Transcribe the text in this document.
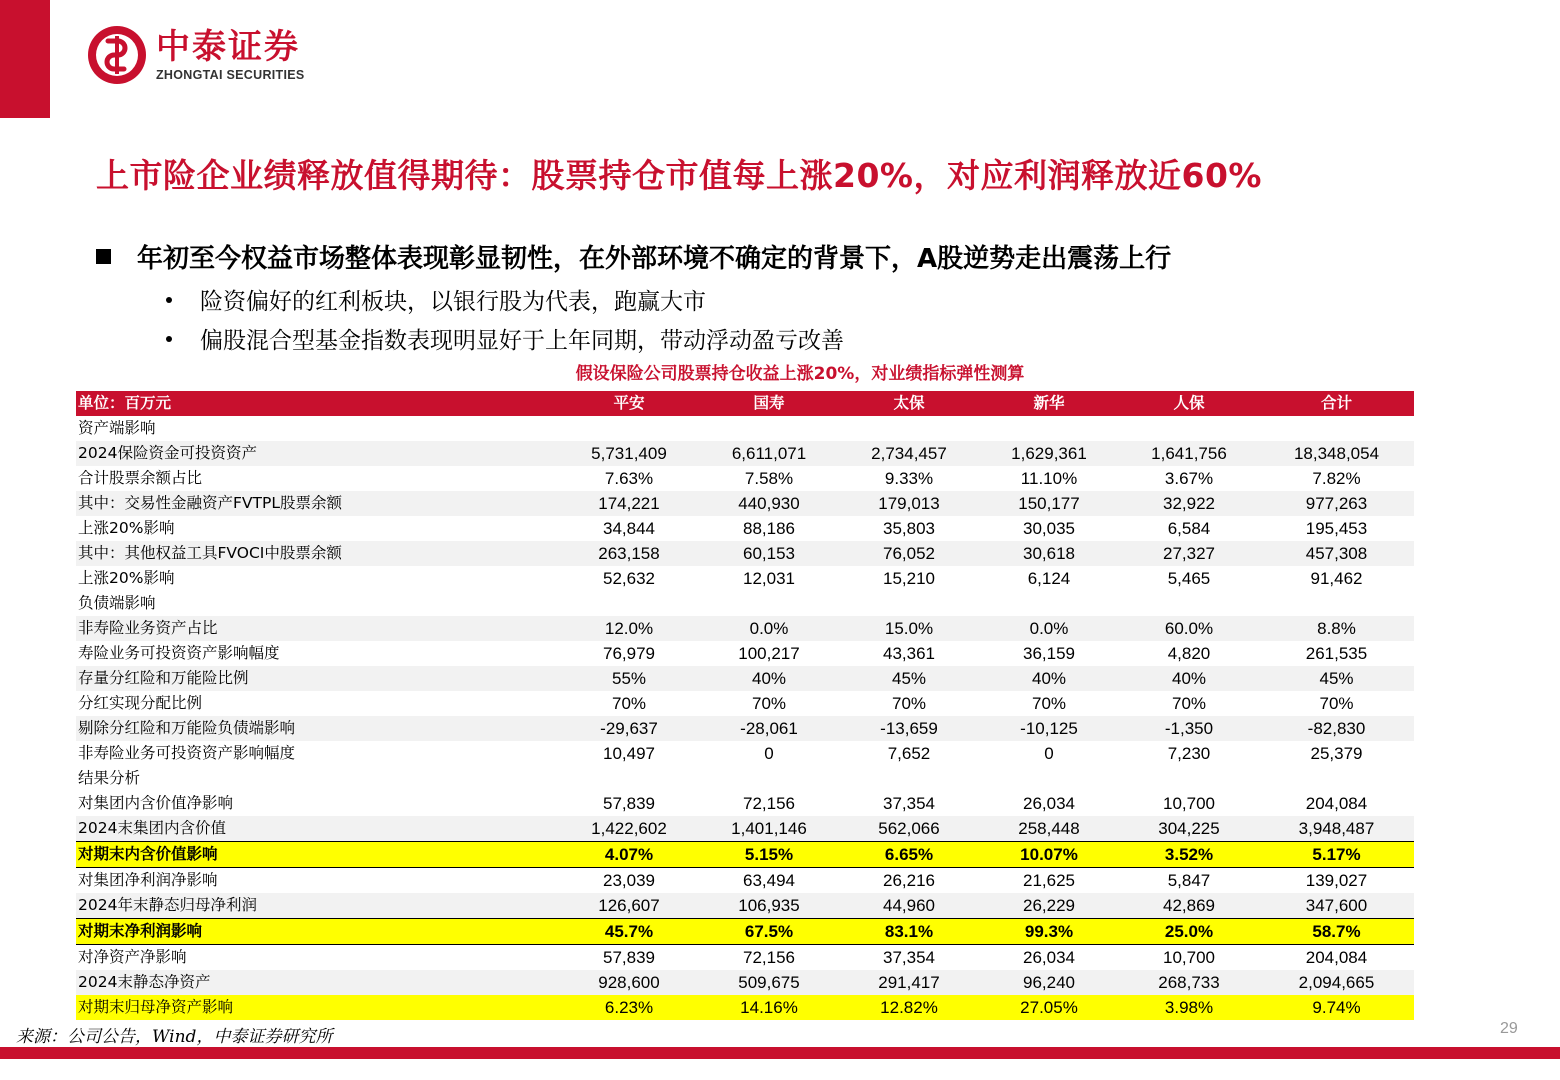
中泰证券
ZHONGTAI SECURITIES
上市险企业绩释放值得期待：股票持仓市值每上涨20%，对应利润释放近60%
年初至今权益市场整体表现彰显韧性，在外部环境不确定的背景下，A股逆势走出震荡上行
险资偏好的红利板块，以银行股为代表，跑赢大市
偏股混合型基金指数表现明显好于上年同期，带动浮动盈亏改善
假设保险公司股票持仓收益上涨20%，对业绩指标弹性测算
单位：百万元	平安	国寿	太保	新华	人保	合计
资产端影响						
2024保险资金可投资资产	5,731,409	6,611,071	2,734,457	1,629,361	1,641,756	18,348,054
合计股票余额占比	7.63%	7.58%	9.33%	11.10%	3.67%	7.82%
其中：交易性金融资产FVTPL股票余额	174,221	440,930	179,013	150,177	32,922	977,263
上涨20%影响	34,844	88,186	35,803	30,035	6,584	195,453
其中：其他权益工具FVOCI中股票余额	263,158	60,153	76,052	30,618	27,327	457,308
上涨20%影响	52,632	12,031	15,210	6,124	5,465	91,462
负债端影响						
非寿险业务资产占比	12.0%	0.0%	15.0%	0.0%	60.0%	8.8%
寿险业务可投资资产影响幅度	76,979	100,217	43,361	36,159	4,820	261,535
存量分红险和万能险比例	55%	40%	45%	40%	40%	45%
分红实现分配比例	70%	70%	70%	70%	70%	70%
剔除分红险和万能险负债端影响	-29,637	-28,061	-13,659	-10,125	-1,350	-82,830
非寿险业务可投资资产影响幅度	10,497	0	7,652	0	7,230	25,379
结果分析						
对集团内含价值净影响	57,839	72,156	37,354	26,034	10,700	204,084
2024末集团内含价值	1,422,602	1,401,146	562,066	258,448	304,225	3,948,487
对期末内含价值影响	4.07%	5.15%	6.65%	10.07%	3.52%	5.17%
对集团净利润净影响	23,039	63,494	26,216	21,625	5,847	139,027
2024年末静态归母净利润	126,607	106,935	44,960	26,229	42,869	347,600
对期末净利润影响	45.7%	67.5%	83.1%	99.3%	25.0%	58.7%
对净资产净影响	57,839	72,156	37,354	26,034	10,700	204,084
2024末静态净资产	928,600	509,675	291,417	96,240	268,733	2,094,665
对期末归母净资产影响	6.23%	14.16%	12.82%	27.05%	3.98%	9.74%
来源：公司公告，Wind，中泰证券研究所	29
